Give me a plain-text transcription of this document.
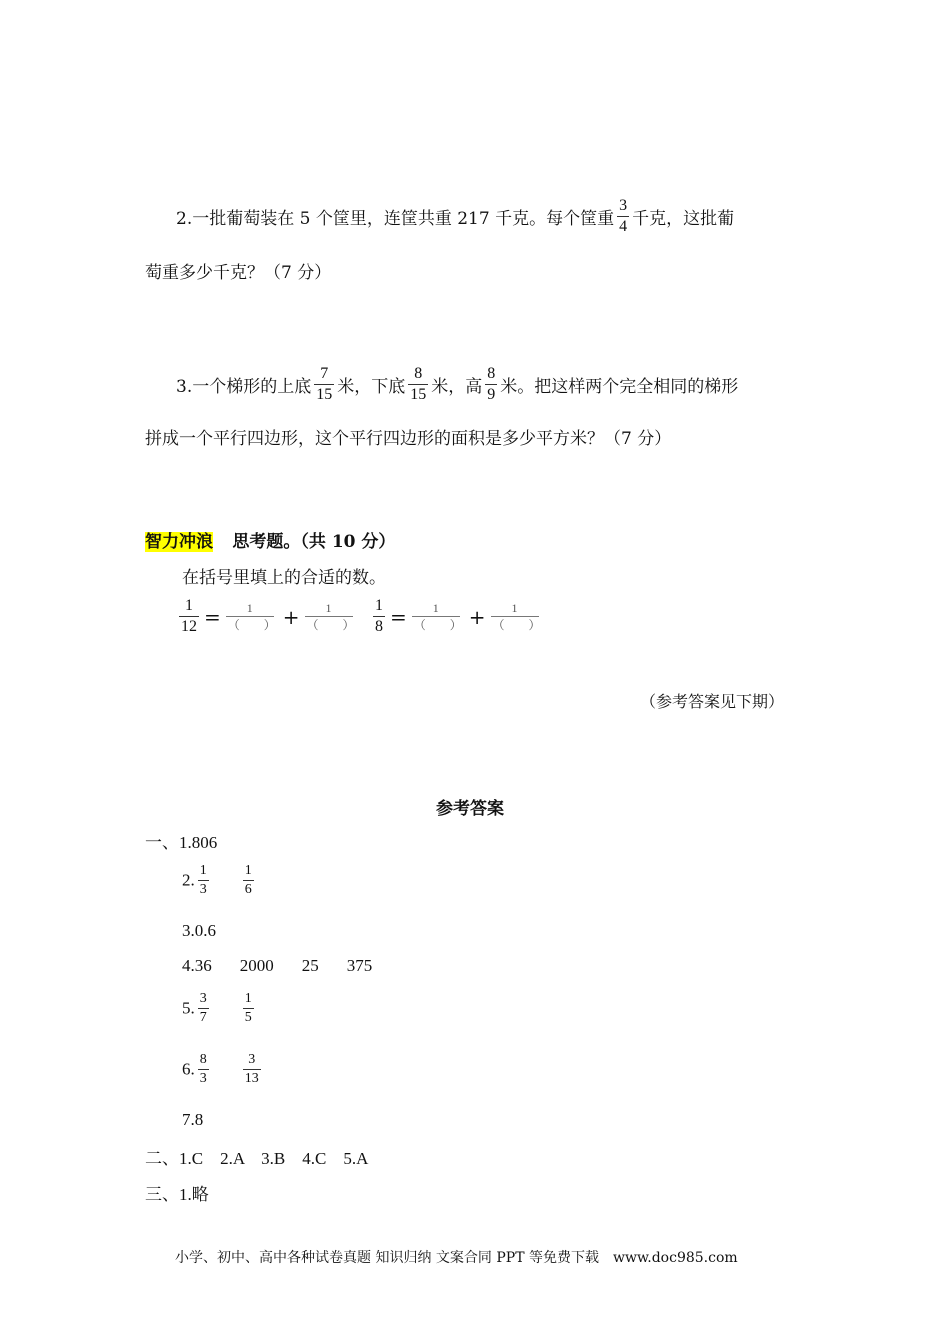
2.一批葡萄装在 5 个筐里，连筐共重 217 千克。每个筐重 $\frac{3}{4}$ 千克，这批葡
萄重多少千克？（7 分）
3.一个梯形的上底 $\frac{7}{15}$ 米，下底 $\frac{8}{15}$ 米，高 $\frac{8}{9}$ 米。把这样两个完全相同的梯形
拼成一个平行四边形，这个平行四边形的面积是多少平方米？（7 分）
智力冲浪 思考题。（共 10 分）
在括号里填上的合适的数。
$\frac{1}{12} = \frac{1}{( )} + \frac{1}{( )} \frac{1}{8} = \frac{1}{( )} + \frac{1}{( )}$
（参考答案见下期）
参考答案
一、1.806
2. $\frac{1}{3} \frac{1}{6}$
3.0.6
4.36 2000 25 375
5. $\frac{3}{7} \frac{1}{5}$
6. $\frac{8}{3} \frac{3}{13}$
7.8
二、1.C　2.A　3.B　4.C　5.A
三、1.略
小学、初中、高中各种试卷真题 知识归纳 文案合同 PPT 等免费下载　www.doc985.com
